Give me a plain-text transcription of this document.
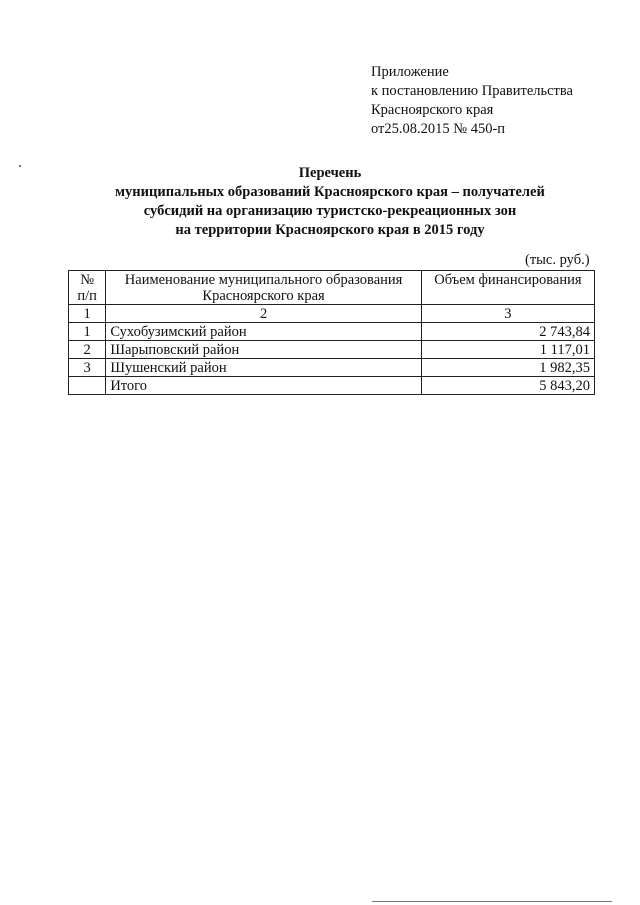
Приложение
к постановлению Правительства
Красноярского края
от25.08.2015 № 450-п
Перечень
муниципальных образований Красноярского края – получателей
субсидий на организацию туристско-рекреационных зон
на территории Красноярского края в 2015 году
(тыс. руб.)
№
п/п	Наименование муниципального образования Красноярского края	Объем финансирования
1	2	3
1	Сухобузимский район	2 743,84
2	Шарыповский район	1 117,01
3	Шушенский район	1 982,35
	Итого	5 843,20
